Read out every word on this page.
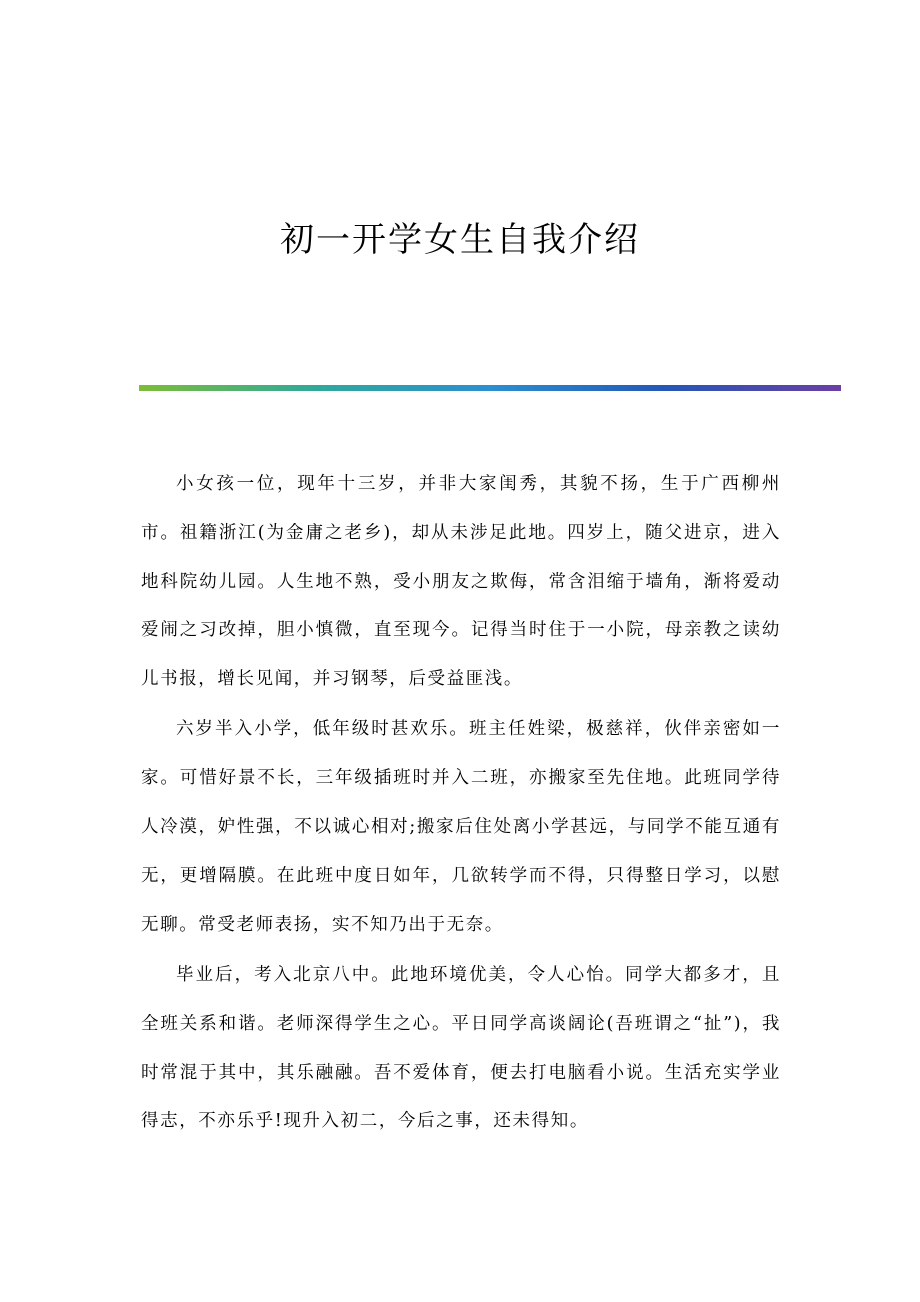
初一开学女生自我介绍

小女孩一位，现年十三岁，并非大家闺秀，其貌不扬，生于广西柳州市。祖籍浙江(为金庸之老乡)，却从未涉足此地。四岁上，随父进京，进入地科院幼儿园。人生地不熟，受小朋友之欺侮，常含泪缩于墙角，渐将爱动爱闹之习改掉，胆小慎微，直至现今。记得当时住于一小院，母亲教之读幼儿书报，增长见闻，并习钢琴，后受益匪浅。

六岁半入小学，低年级时甚欢乐。班主任姓梁，极慈祥，伙伴亲密如一家。可惜好景不长，三年级插班时并入二班，亦搬家至先住地。此班同学待人冷漠，妒性强，不以诚心相对;搬家后住处离小学甚远，与同学不能互通有无，更增隔膜。在此班中度日如年，几欲转学而不得，只得整日学习，以慰无聊。常受老师表扬，实不知乃出于无奈。

毕业后，考入北京八中。此地环境优美，令人心怡。同学大都多才，且全班关系和谐。老师深得学生之心。平日同学高谈阔论(吾班谓之“扯”)，我时常混于其中，其乐融融。吾不爱体育，便去打电脑看小说。生活充实学业得志，不亦乐乎!现升入初二，今后之事，还未得知。
